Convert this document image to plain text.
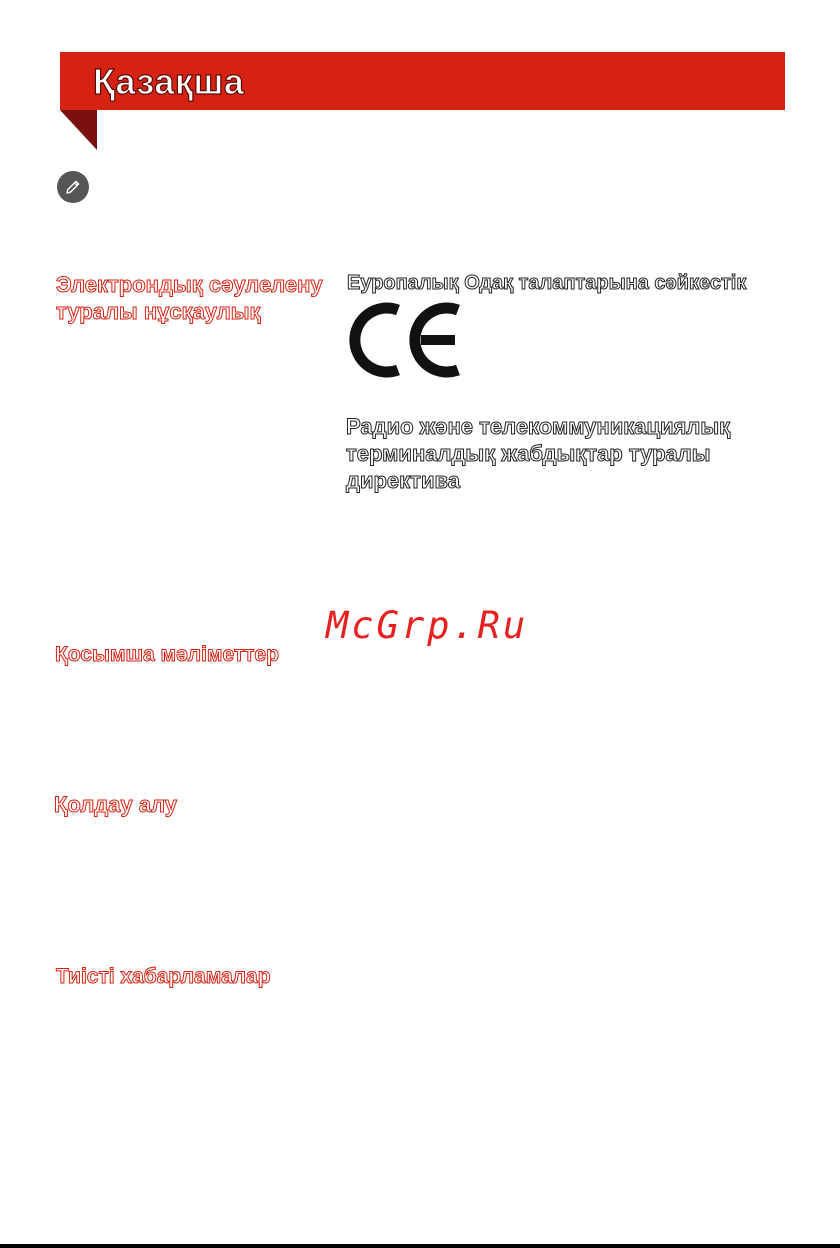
Қазақша
Электрондық сәулелену
туралы нұсқаулық
Еуропалық Одақ талаптарына сәйкестік
Радио және телекоммуникациялық
терминалдық жабдықтар туралы
директива
McGrp.Ru
Қосымша мәліметтер
Қолдау алу
Тиісті хабарламалар
